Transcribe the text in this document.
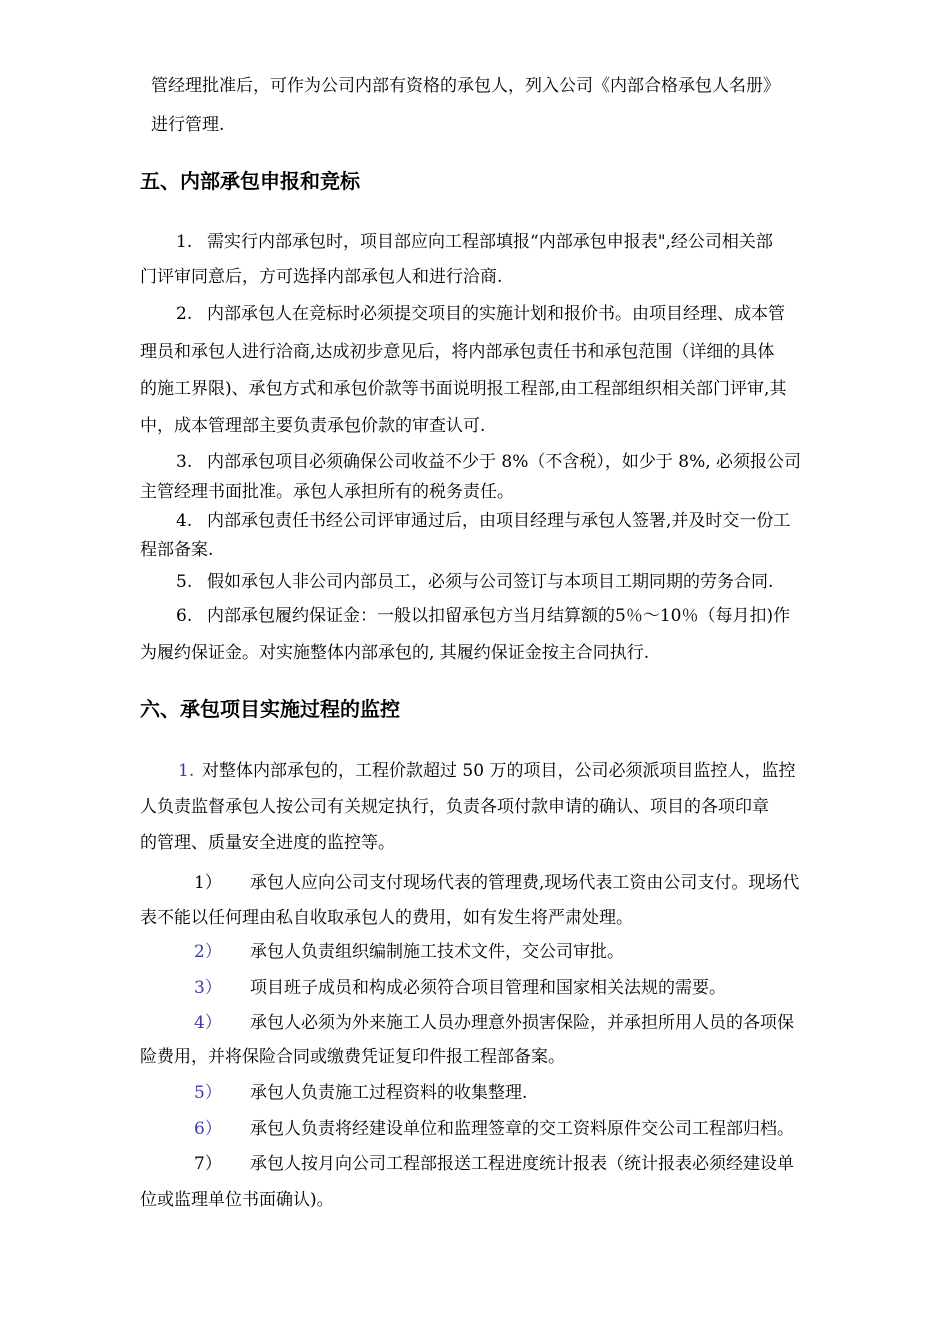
管经理批准后，可作为公司内部有资格的承包人，列入公司《内部合格承包人名册》
进行管理.
五、内部承包申报和竞标
1. 需实行内部承包时，项目部应向工程部填报“内部承包申报表",经公司相关部
门评审同意后，方可选择内部承包人和进行洽商.
2. 内部承包人在竞标时必须提交项目的实施计划和报价书。由项目经理、成本管
理员和承包人进行洽商,达成初步意见后，将内部承包责任书和承包范围（详细的具体
的施工界限)、承包方式和承包价款等书面说明报工程部,由工程部组织相关部门评审,其
中，成本管理部主要负责承包价款的审查认可.
3. 内部承包项目必须确保公司收益不少于 8%（不含税），如少于 8%, 必须报公司
主管经理书面批准。承包人承担所有的税务责任。
4. 内部承包责任书经公司评审通过后，由项目经理与承包人签署,并及时交一份工
程部备案.
5. 假如承包人非公司内部员工，必须与公司签订与本项目工期同期的劳务合同.
6. 内部承包履约保证金：一般以扣留承包方当月结算额的5％～10％（每月扣)作
为履约保证金。对实施整体内部承包的, 其履约保证金按主合同执行.
六、承包项目实施过程的监控
1. 对整体内部承包的，工程价款超过 50 万的项目，公司必须派项目监控人，监控
人负责监督承包人按公司有关规定执行，负责各项付款申请的确认、项目的各项印章
的管理、质量安全进度的监控等。
1） 承包人应向公司支付现场代表的管理费,现场代表工资由公司支付。现场代
表不能以任何理由私自收取承包人的费用，如有发生将严肃处理。
2） 承包人负责组织编制施工技术文件，交公司审批。
3） 项目班子成员和构成必须符合项目管理和国家相关法规的需要。
4） 承包人必须为外来施工人员办理意外损害保险，并承担所用人员的各项保
险费用，并将保险合同或缴费凭证复印件报工程部备案。
5） 承包人负责施工过程资料的收集整理.
6） 承包人负责将经建设单位和监理签章的交工资料原件交公司工程部归档。
7） 承包人按月向公司工程部报送工程进度统计报表（统计报表必须经建设单
位或监理单位书面确认)。
